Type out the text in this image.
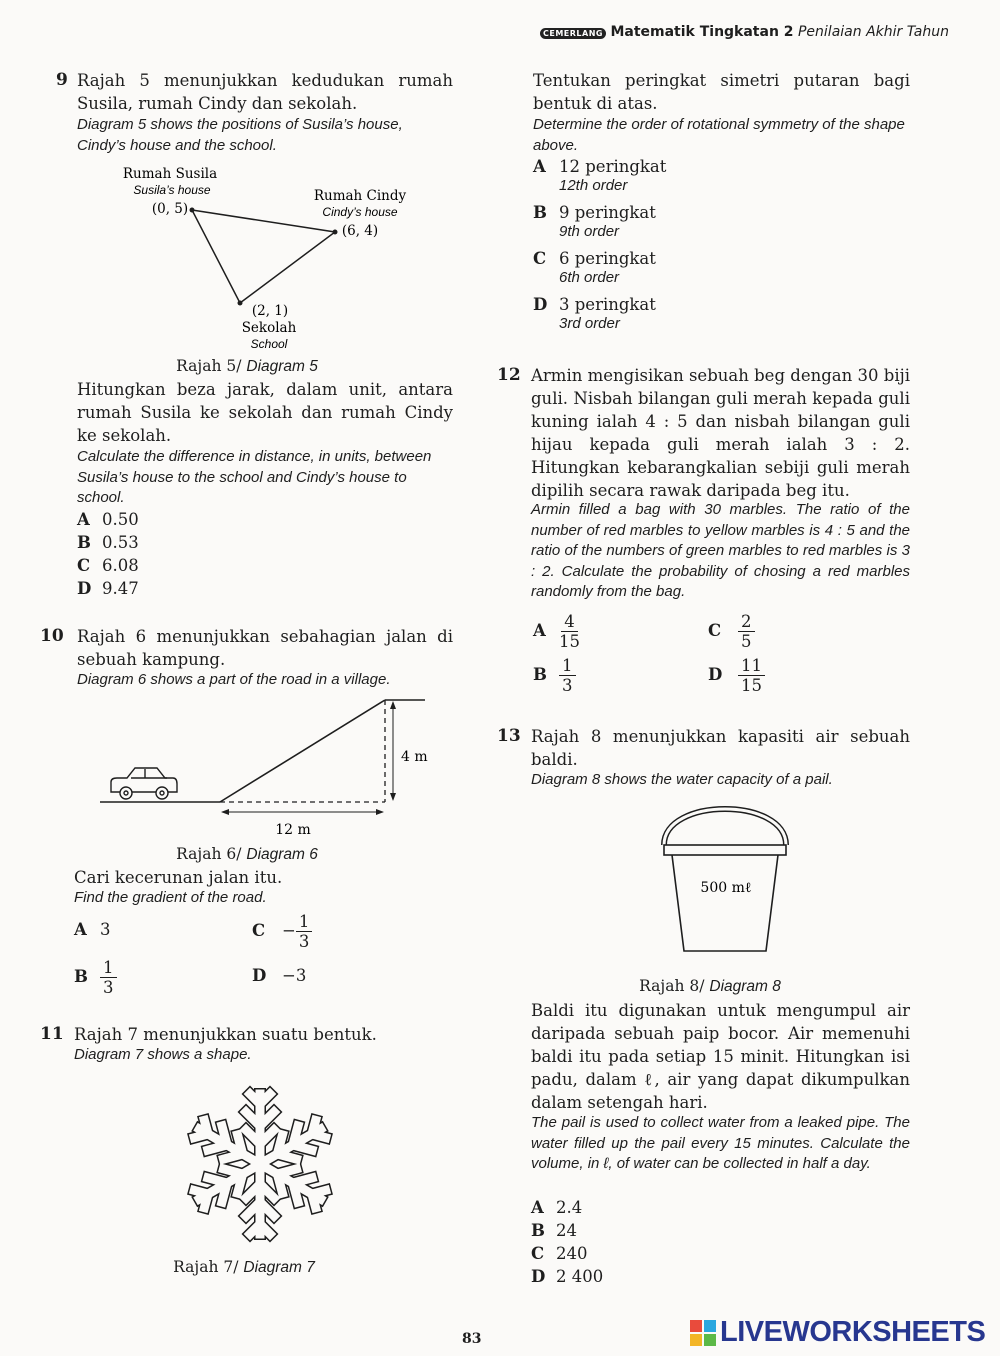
CEMERLANG Matematik Tingkatan 2 Penilaian Akhir Tahun
9 Rajah 5 menunjukkan kedudukan rumah Susila, rumah Cindy dan sekolah.
Diagram 5 shows the positions of Susila’s house, Cindy’s house and the school.
Rumah Susila
Susila’s house
(0, 5)
Rumah Cindy
Cindy’s house
(6, 4)
(2, 1)
Sekolah
School
Rajah 5/ Diagram 5
Hitungkan beza jarak, dalam unit, antara rumah Susila ke sekolah dan rumah Cindy ke sekolah.
Calculate the difference in distance, in units, between Susila’s house to the school and Cindy’s house to school.
A 0.50
B 0.53
C 6.08
D 9.47
10 Rajah 6 menunjukkan sebahagian jalan di sebuah kampung.
Diagram 6 shows a part of the road in a village.
4 m
12 m
Rajah 6/ Diagram 6
Cari kecerunan jalan itu.
Find the gradient of the road.
A 3	$C - \frac{1}{3}$
B $\frac{1}{3}$	D −3
11 Rajah 7 menunjukkan suatu bentuk.
Diagram 7 shows a shape.
Rajah 7/ Diagram 7
Tentukan peringkat simetri putaran bagi bentuk di atas.
Determine the order of rotational symmetry of the shape above.
A 12 peringkat
12th order
B 9 peringkat
9th order
C 6 peringkat
6th order
D 3 peringkat
3rd order
12 Armin mengisikan sebuah beg dengan 30 biji guli. Nisbah bilangan guli merah kepada guli kuning ialah 4 : 5 dan nisbah bilangan guli hijau kepada guli merah ialah 3 : 2. Hitungkan kebarangkalian sebiji guli merah dipilih secara rawak daripada beg itu.
Armin filled a bag with 30 marbles. The ratio of the number of red marbles to yellow marbles is 4 : 5 and the ratio of the numbers of green marbles to red marbles is 3 : 2. Calculate the probability of chosing a red marbles randomly from the bag.
A $\frac{4}{15}$	C $\frac{2}{5}$
B $\frac{1}{3}$	D $\frac{11}{15}$
13 Rajah 8 menunjukkan kapasiti air sebuah baldi.
Diagram 8 shows the water capacity of a pail.
500 mℓ
Rajah 8/ Diagram 8
Baldi itu digunakan untuk mengumpul air daripada sebuah paip bocor. Air memenuhi baldi itu pada setiap 15 minit. Hitungkan isi padu, dalam ℓ, air yang dapat dikumpulkan dalam setengah hari.
The pail is used to collect water from a leaked pipe. The water filled up the pail every 15 minutes. Calculate the volume, in ℓ, of water can be collected in half a day.
A 2.4
B 24
C 240
D 2 400
83	LIVEWORKSHEETS
